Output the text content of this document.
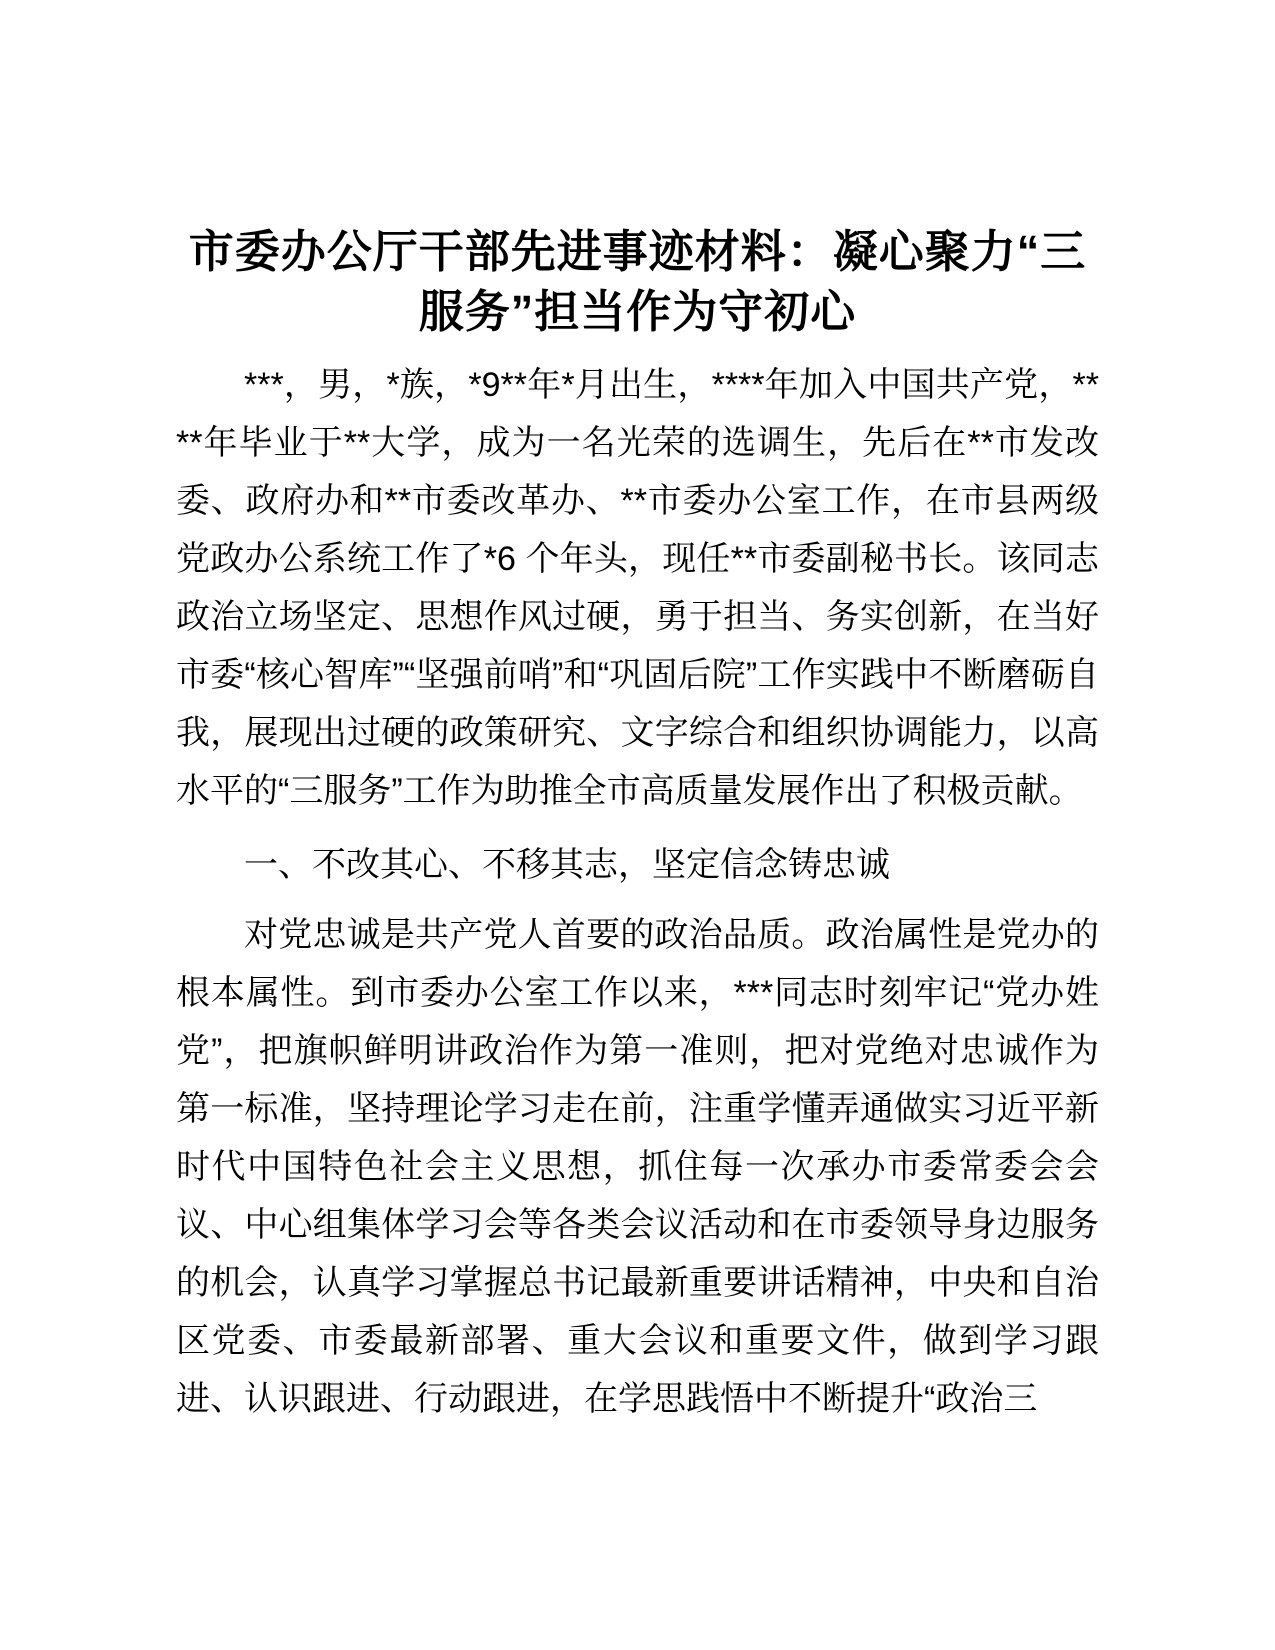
市委办公厅干部先进事迹材料：凝心聚力“三
服务”担当作为守初心

***，男，*族，*9**年*月出生，****年加入中国共产党，****年毕业于**大学，成为一名光荣的选调生，先后在**市发改委、政府办和**市委改革办、**市委办公室工作，在市县两级党政办公系统工作了*6 个年头，现任**市委副秘书长。该同志政治立场坚定、思想作风过硬，勇于担当、务实创新，在当好市委“核心智库”“坚强前哨”和“巩固后院”工作实践中不断磨砺自我，展现出过硬的政策研究、文字综合和组织协调能力，以高水平的“三服务”工作为助推全市高质量发展作出了积极贡献。

一、不改其心、不移其志，坚定信念铸忠诚

对党忠诚是共产党人首要的政治品质。政治属性是党办的根本属性。到市委办公室工作以来，***同志时刻牢记“党办姓党”，把旗帜鲜明讲政治作为第一准则，把对党绝对忠诚作为第一标准，坚持理论学习走在前，注重学懂弄通做实习近平新时代中国特色社会主义思想，抓住每一次承办市委常委会会议、中心组集体学习会等各类会议活动和在市委领导身边服务的机会，认真学习掌握总书记最新重要讲话精神，中央和自治区党委、市委最新部署、重大会议和重要文件，做到学习跟进、认识跟进、行动跟进，在学思践悟中不断提升“政治三
